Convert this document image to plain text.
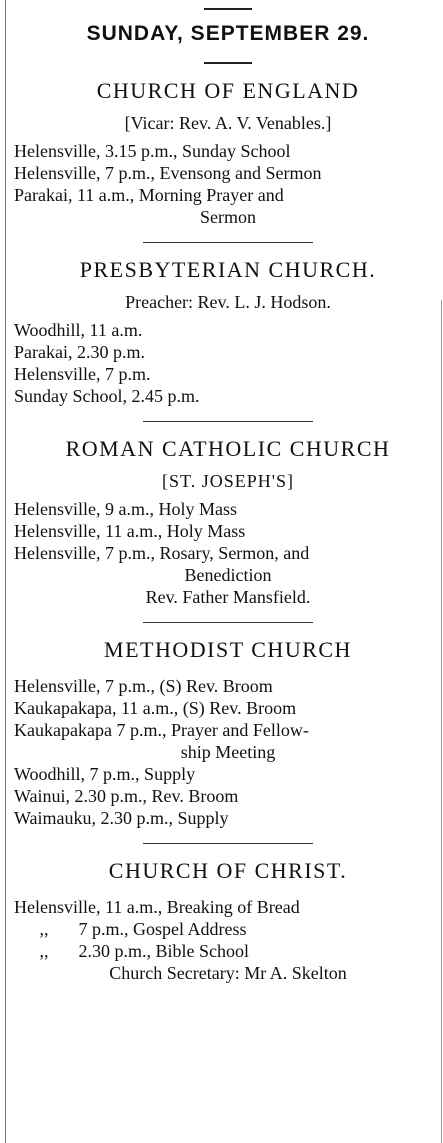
SUNDAY, SEPTEMBER 29.
CHURCH OF ENGLAND
[Vicar: Rev. A. V. Venables.]
Helensville, 3.15 p.m., Sunday School
Helensville, 7 p.m., Evensong and Sermon
Parakai, 11 a.m., Morning Prayer and
Sermon
PRESBYTERIAN CHURCH.
Preacher: Rev. L. J. Hodson.
Woodhill, 11 a.m.
Parakai, 2.30 p.m.
Helensville, 7 p.m.
Sunday School, 2.45 p.m.
ROMAN CATHOLIC CHURCH
[ST. JOSEPH'S]
Helensville, 9 a.m., Holy Mass
Helensville, 11 a.m., Holy Mass
Helensville, 7 p.m., Rosary, Sermon, and
Benediction
Rev. Father Mansfield.
METHODIST CHURCH
Helensville, 7 p.m., (S) Rev. Broom
Kaukapakapa, 11 a.m., (S) Rev. Broom
Kaukapakapa 7 p.m., Prayer and Fellow-
ship Meeting
Woodhill, 7 p.m., Supply
Wainui, 2.30 p.m., Rev. Broom
Waimauku, 2.30 p.m., Supply
CHURCH OF CHRIST.
Helensville, 11 a.m., Breaking of Bread
,, 7 p.m., Gospel Address
,, 2.30 p.m., Bible School
Church Secretary: Mr A. Skelton
